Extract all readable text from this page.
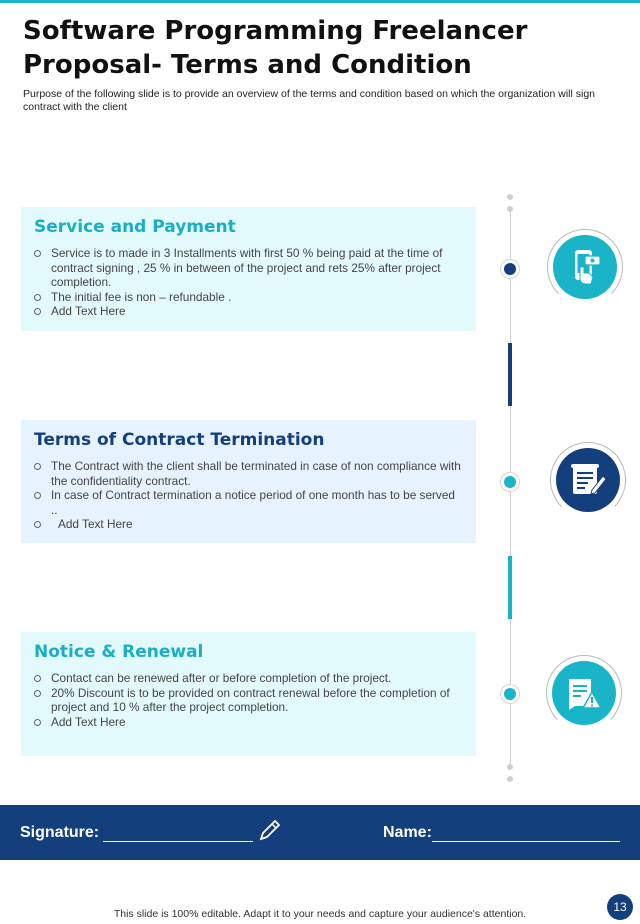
Software Programming Freelancer Proposal- Terms and Condition

Purpose of the following slide is to provide an overview of the terms and condition based on which the organization will sign contract with the client

Service and Payment
Service is to made in 3 Installments with first 50 % being paid at the time of contract signing , 25 % in between of the project and rets 25% after project completion.
The initial fee is non – refundable .
Add Text Here
Terms of Contract Termination
The Contract with the client shall be terminated in case of non compliance with the confidentiality contract.
In case of Contract termination a notice period of one month has to be served ..
Add Text Here
Notice & Renewal
Contact can be renewed after or before completion of the project.
20% Discount is to be provided on contract renewal before the completion of project and 10 % after the project completion.
Add Text Here
Signature:	Name:
This slide is 100% editable. Adapt it to your needs and capture your audience's attention.	13
